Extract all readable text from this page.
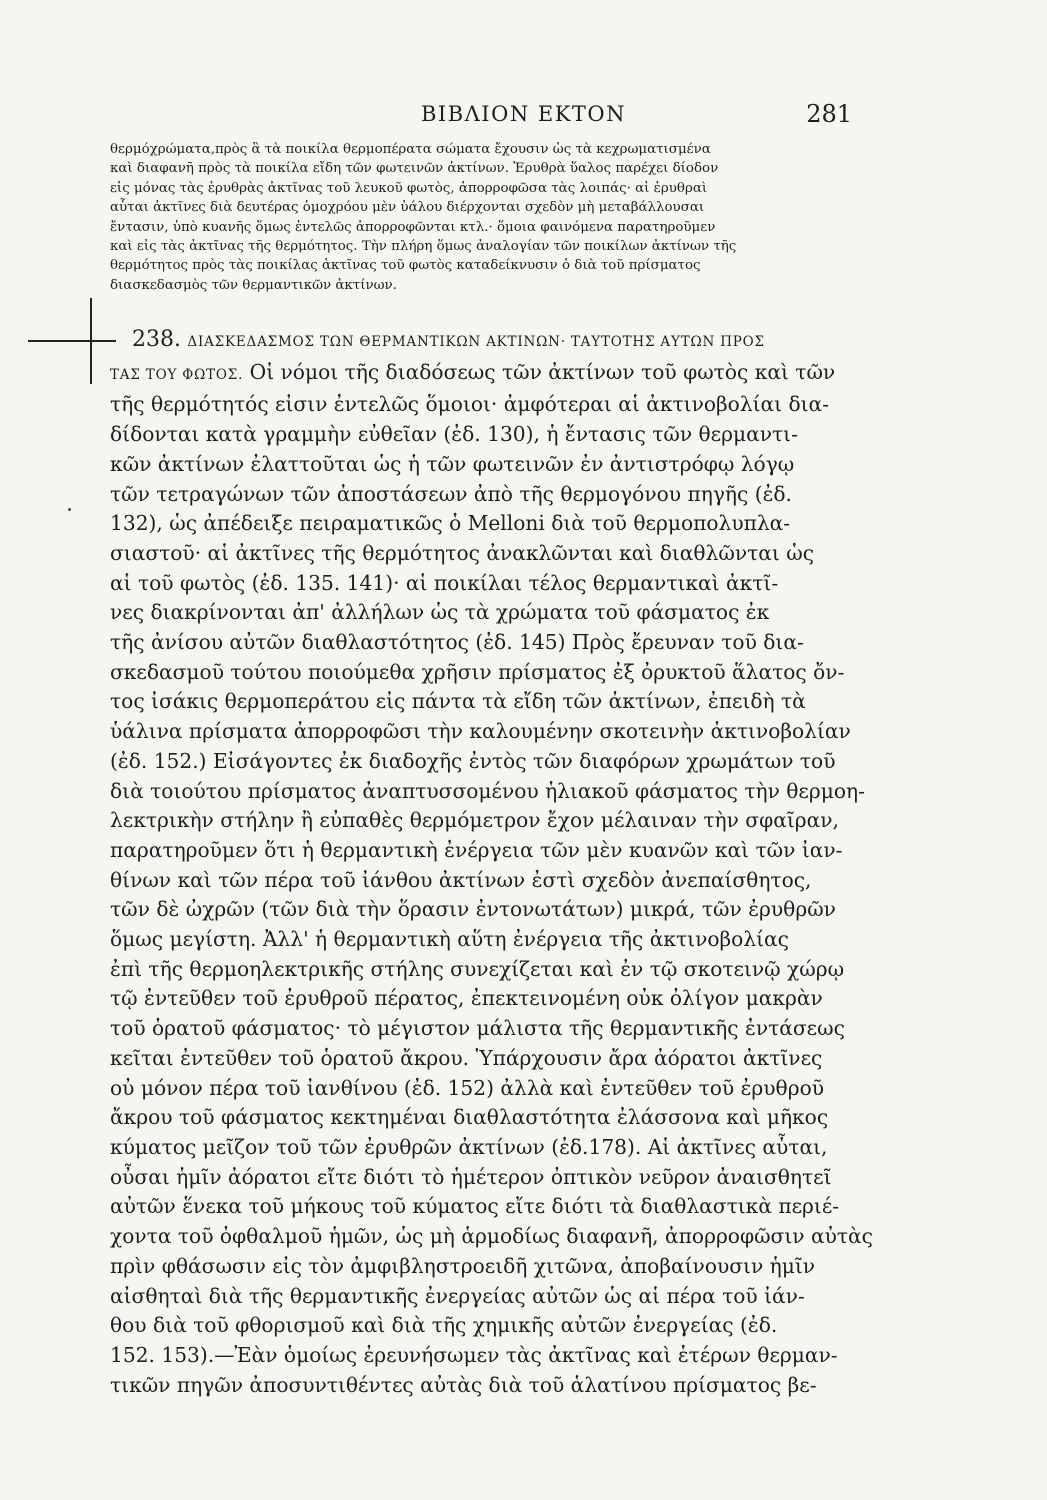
ΒΙΒΛΙΟΝ ΕΚΤΟΝ	281
θερμόχρώματα,πρὸς ἃ τὰ ποικίλα θερμοπέρατα σώματα ἔχουσιν ὡς τὰ κεχρωματισμένα
καὶ διαφανῆ πρὸς τὰ ποικίλα εἴδη τῶν φωτεινῶν ἀκτίνων. Ἐρυθρὰ ὕαλος παρέχει δίοδον
εἰς μόνας τὰς ἐρυθρὰς ἀκτῖνας τοῦ λευκοῦ φωτὸς, ἀπορροφῶσα τὰς λοιπάς· αἱ ἐρυθραὶ
αὗται ἀκτῖνες διὰ δευτέρας ὁμοχρόου μὲν ὑάλου διέρχονται σχεδὸν μὴ μεταβάλλουσαι
ἔντασιν, ὑπὸ κυανῆς ὅμως ἐντελῶς ἀπορροφῶνται κτλ.· ὅμοια φαινόμενα παρατηροῦμεν
καὶ εἰς τὰς ἀκτῖνας τῆς θερμότητος. Τὴν πλήρη ὅμως ἀναλογίαν τῶν ποικίλων ἀκτίνων τῆς
θερμότητος πρὸς τὰς ποικίλας ἀκτῖνας τοῦ φωτὸς καταδείκνυσιν ὁ διὰ τοῦ πρίσματος
διασκεδασμὸς τῶν θερμαντικῶν ἀκτίνων.
238. ΔΙΑΣΚΕΔΑΣΜΟΣ ΤΩΝ ΘΕΡΜΑΝΤΙΚΩΝ ΑΚΤΙΝΩΝ· ΤΑΥΤΟΤΗΣ ΑΥΤΩΝ ΠΡΟΣ
ΤΑΣ ΤΟΥ ΦΩΤΟΣ. Οἱ νόμοι τῆς διαδόσεως τῶν ἀκτίνων τοῦ φωτὸς καὶ τῶν
τῆς θερμότητός εἰσιν ἐντελῶς ὅμοιοι· ἀμφότεραι αἱ ἀκτινοβολίαι δια-
δίδονται κατὰ γραμμὴν εὐθεῖαν (ἐδ. 130), ἡ ἔντασις τῶν θερμαντι-
κῶν ἀκτίνων ἐλαττοῦται ὡς ἡ τῶν φωτεινῶν ἐν ἀντιστρόφῳ λόγῳ
τῶν τετραγώνων τῶν ἀποστάσεων ἀπὸ τῆς θερμογόνου πηγῆς (ἐδ.
132), ὡς ἀπέδειξε πειραματικῶς ὁ Melloni διὰ τοῦ θερμοπολυπλα-
σιαστοῦ· αἱ ἀκτῖνες τῆς θερμότητος ἀνακλῶνται καὶ διαθλῶνται ὡς
αἱ τοῦ φωτὸς (ἐδ. 135. 141)· αἱ ποικίλαι τέλος θερμαντικαὶ ἀκτῖ-
νες διακρίνονται ἀπ' ἀλλήλων ὡς τὰ χρώματα τοῦ φάσματος ἐκ
τῆς ἀνίσου αὐτῶν διαθλαστότητος (ἐδ. 145) Πρὸς ἔρευναν τοῦ δια-
σκεδασμοῦ τούτου ποιούμεθα χρῆσιν πρίσματος ἐξ ὀρυκτοῦ ἅλατος ὄν-
τος ἰσάκις θερμοπεράτου εἰς πάντα τὰ εἴδη τῶν ἀκτίνων, ἐπειδὴ τὰ
ὑάλινα πρίσματα ἀπορροφῶσι τὴν καλουμένην σκοτεινὴν ἀκτινοβολίαν
(ἐδ. 152.) Εἰσάγοντες ἐκ διαδοχῆς ἐντὸς τῶν διαφόρων χρωμάτων τοῦ
διὰ τοιούτου πρίσματος ἀναπτυσσομένου ἡλιακοῦ φάσματος τὴν θερμοη-
λεκτρικὴν στήλην ἢ εὐπαθὲς θερμόμετρον ἔχον μέλαιναν τὴν σφαῖραν,
παρατηροῦμεν ὅτι ἡ θερμαντικὴ ἐνέργεια τῶν μὲν κυανῶν καὶ τῶν ἰαν-
θίνων καὶ τῶν πέρα τοῦ ἰάνθου ἀκτίνων ἐστὶ σχεδὸν ἀνεπαίσθητος,
τῶν δὲ ὠχρῶν (τῶν διὰ τὴν ὅρασιν ἐντονωτάτων) μικρά, τῶν ἐρυθρῶν
ὅμως μεγίστη. Ἀλλ' ἡ θερμαντικὴ αὕτη ἐνέργεια τῆς ἀκτινοβολίας
ἐπὶ τῆς θερμοηλεκτρικῆς στήλης συνεχίζεται καὶ ἐν τῷ σκοτεινῷ χώρῳ
τῷ ἐντεῦθεν τοῦ ἐρυθροῦ πέρατος, ἐπεκτεινομένη οὐκ ὀλίγον μακρὰν
τοῦ ὁρατοῦ φάσματος· τὸ μέγιστον μάλιστα τῆς θερμαντικῆς ἐντάσεως
κεῖται ἐντεῦθεν τοῦ ὁρατοῦ ἄκρου. Ὑπάρχουσιν ἄρα ἀόρατοι ἀκτῖνες
οὐ μόνον πέρα τοῦ ἰανθίνου (ἐδ. 152) ἀλλὰ καὶ ἐντεῦθεν τοῦ ἐρυθροῦ
ἄκρου τοῦ φάσματος κεκτημέναι διαθλαστότητα ἐλάσσονα καὶ μῆκος
κύματος μεῖζον τοῦ τῶν ἐρυθρῶν ἀκτίνων (ἐδ.178). Αἱ ἀκτῖνες αὗται,
οὖσαι ἡμῖν ἀόρατοι εἴτε διότι τὸ ἡμέτερον ὀπτικὸν νεῦρον ἀναισθητεῖ
αὐτῶν ἕνεκα τοῦ μήκους τοῦ κύματος εἴτε διότι τὰ διαθλαστικὰ περιέ-
χοντα τοῦ ὀφθαλμοῦ ἡμῶν, ὡς μὴ ἁρμοδίως διαφανῆ, ἀπορροφῶσιν αὐτὰς
πρὶν φθάσωσιν εἰς τὸν ἀμφιβληστροειδῆ χιτῶνα, ἀποβαίνουσιν ἡμῖν
αἰσθηταὶ διὰ τῆς θερμαντικῆς ἐνεργείας αὐτῶν ὡς αἱ πέρα τοῦ ἰάν-
θου διὰ τοῦ φθορισμοῦ καὶ διὰ τῆς χημικῆς αὐτῶν ἐνεργείας (ἐδ.
152. 153).—Ἐὰν ὁμοίως ἐρευνήσωμεν τὰς ἀκτῖνας καὶ ἑτέρων θερμαν-
τικῶν πηγῶν ἀποσυντιθέντες αὐτὰς διὰ τοῦ ἁλατίνου πρίσματος βε-
